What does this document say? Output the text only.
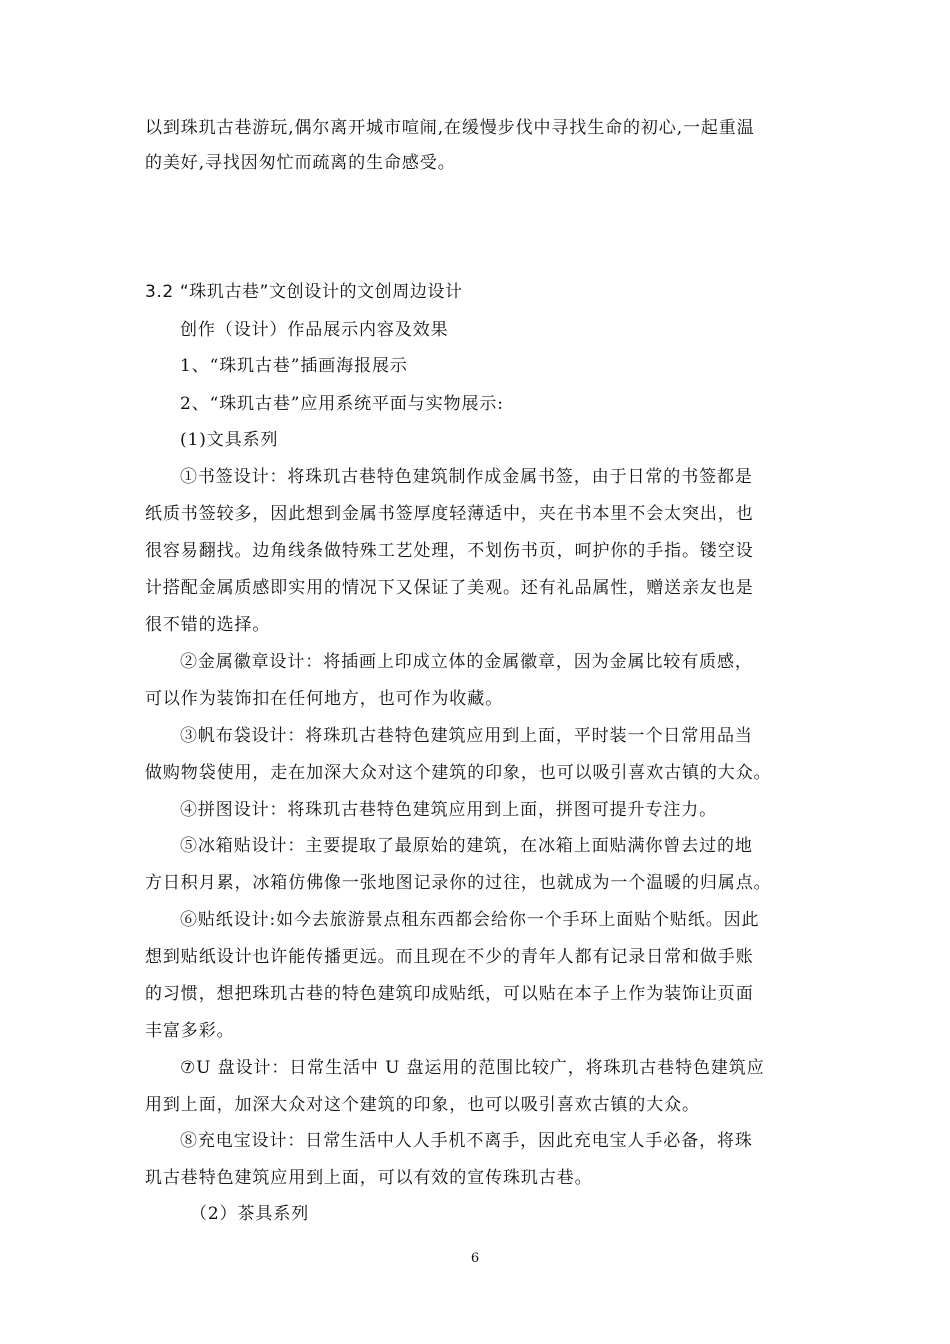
以到珠玑古巷游玩,偶尔离开城市喧闹,在缓慢步伐中寻找生命的初心,一起重温
的美好,寻找因匆忙而疏离的生命感受。
3.2 “珠玑古巷”文创设计的文创周边设计
创作（设计）作品展示内容及效果
1、“珠玑古巷”插画海报展示
2、“珠玑古巷”应用系统平面与实物展示:
(1)文具系列
①书签设计：将珠玑古巷特色建筑制作成金属书签，由于日常的书签都是
纸质书签较多，因此想到金属书签厚度轻薄适中，夹在书本里不会太突出，也
很容易翻找。边角线条做特殊工艺处理，不划伤书页，呵护你的手指。镂空设
计搭配金属质感即实用的情况下又保证了美观。还有礼品属性，赠送亲友也是
很不错的选择。
②金属徽章设计：将插画上印成立体的金属徽章，因为金属比较有质感，
可以作为装饰扣在任何地方，也可作为收藏。
③帆布袋设计：将珠玑古巷特色建筑应用到上面，平时装一个日常用品当
做购物袋使用，走在加深大众对这个建筑的印象，也可以吸引喜欢古镇的大众。
④拼图设计：将珠玑古巷特色建筑应用到上面，拼图可提升专注力。
⑤冰箱贴设计：主要提取了最原始的建筑，在冰箱上面贴满你曾去过的地
方日积月累，冰箱仿佛像一张地图记录你的过往，也就成为一个温暖的归属点。
⑥贴纸设计:如今去旅游景点租东西都会给你一个手环上面贴个贴纸。因此
想到贴纸设计也许能传播更远。而且现在不少的青年人都有记录日常和做手账
的习惯，想把珠玑古巷的特色建筑印成贴纸，可以贴在本子上作为装饰让页面
丰富多彩。
⑦U 盘设计：日常生活中 U 盘运用的范围比较广，将珠玑古巷特色建筑应
用到上面，加深大众对这个建筑的印象，也可以吸引喜欢古镇的大众。
⑧充电宝设计：日常生活中人人手机不离手，因此充电宝人手必备，将珠
玑古巷特色建筑应用到上面，可以有效的宣传珠玑古巷。
（2）茶具系列
6
